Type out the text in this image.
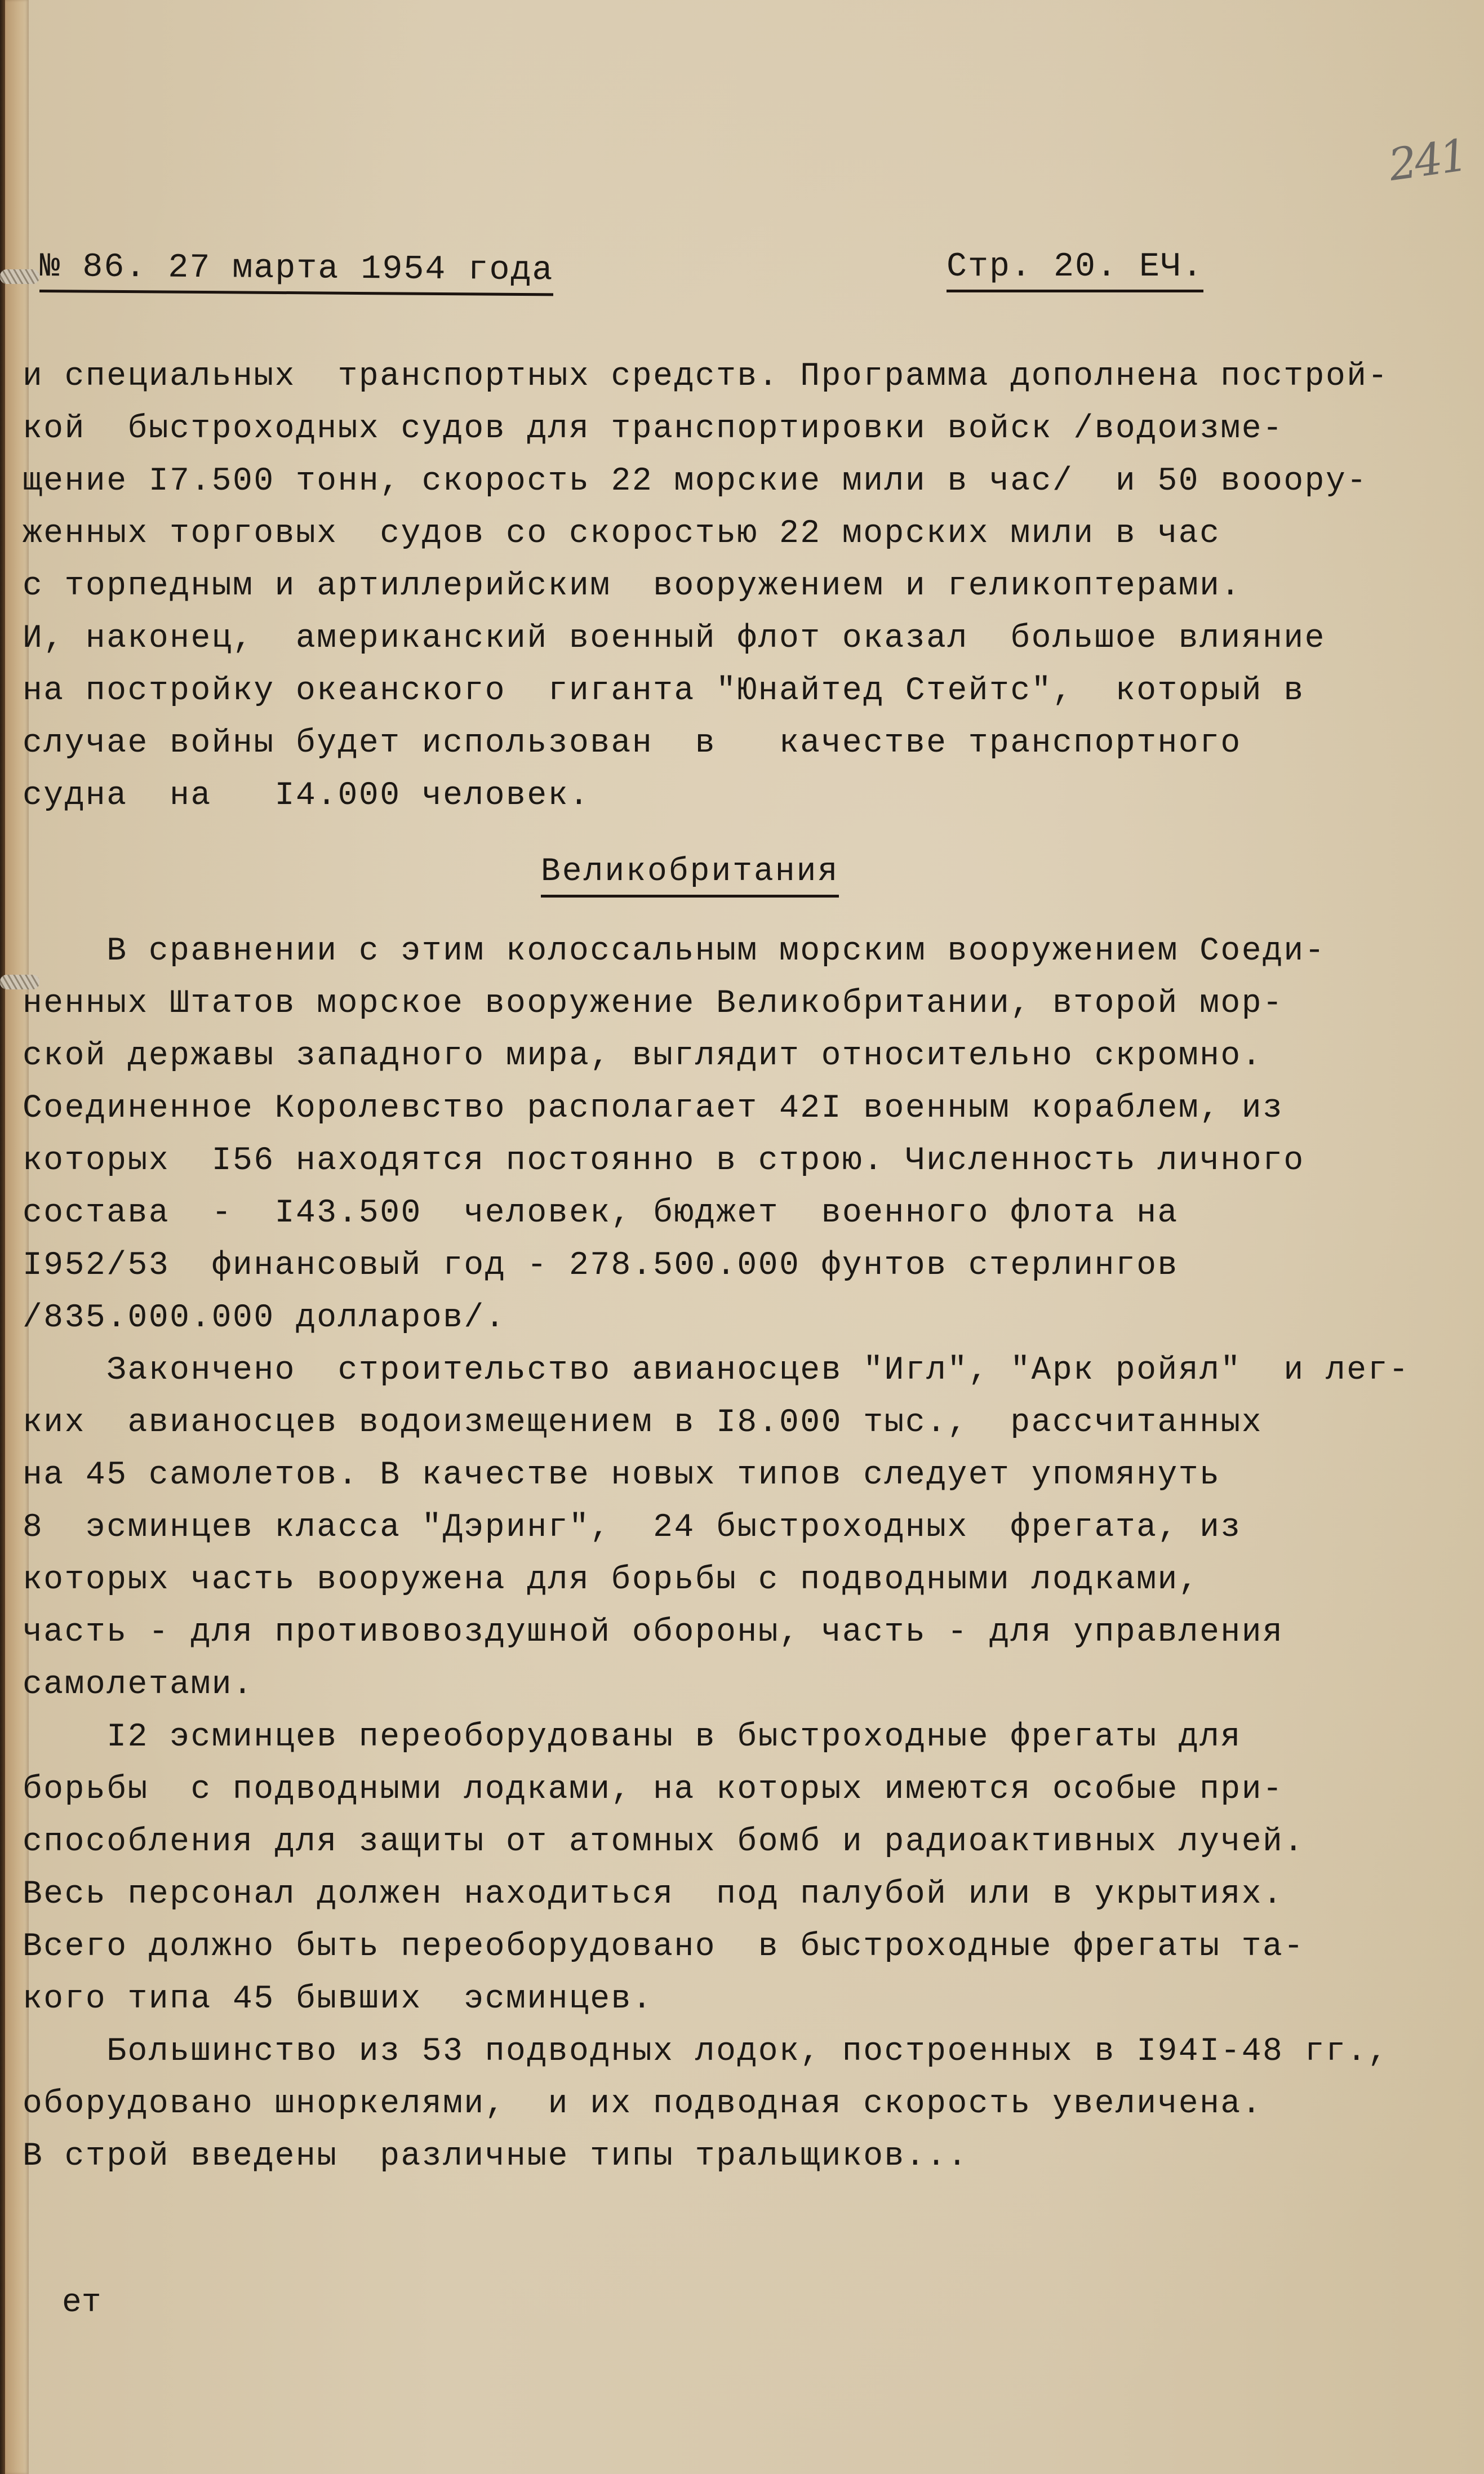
241
№ 86. 27 марта 1954 года	Стр. 20. ЕЧ.
и специальных  транспортных средств. Программа дополнена построй-
кой  быстроходных судов для транспортировки войск /водоизме-
щение I7.500 тонн, скорость 22 морские мили в час/  и 50 вооору-
женных торговых  судов со скоростью 22 морских мили в час
с торпедным и артиллерийским  вооружением и геликоптерами.
И, наконец,  американский военный флот оказал  большое влияние
на постройку океанского  гиганта "Юнайтед Стейтс",  который в
случае войны будет использован  в   качестве транспортного
судна  на   I4.000 человек.
Великобритания
В сравнении с этим колоссальным морским вооружением Соеди-
ненных Штатов морское вооружение Великобритании, второй мор-
ской державы западного мира, выглядит относительно скромно.
Соединенное Королевство располагает 42I военным кораблем, из
которых  I56 находятся постоянно в строю. Численность личного
состава  -  I43.500  человек, бюджет  военного флота на
I952/53  финансовый год - 278.500.000 фунтов стерлингов
/835.000.000 долларов/.
Закончено  строительство авианосцев "Игл", "Арк ройял"  и лег-
ких  авианосцев водоизмещением в I8.000 тыс.,  рассчитанных
на 45 самолетов. В качестве новых типов следует упомянуть
8  эсминцев класса "Дэринг",  24 быстроходных  фрегата, из
которых часть вооружена для борьбы с подводными лодками,
часть - для противовоздушной обороны, часть - для управления
самолетами.
I2 эсминцев переоборудованы в быстроходные фрегаты для
борьбы  с подводными лодками, на которых имеются особые при-
способления для защиты от атомных бомб и радиоактивных лучей.
Весь персонал должен находиться  под палубой или в укрытиях.
Всего должно быть переоборудовано  в быстроходные фрегаты та-
кого типа 45 бывших  эсминцев.
Большинство из 53 подводных лодок, построенных в I94I-48 гг.,
оборудовано шноркелями,  и их подводная скорость увеличена.
В строй введены  различные типы тральщиков...
ет
